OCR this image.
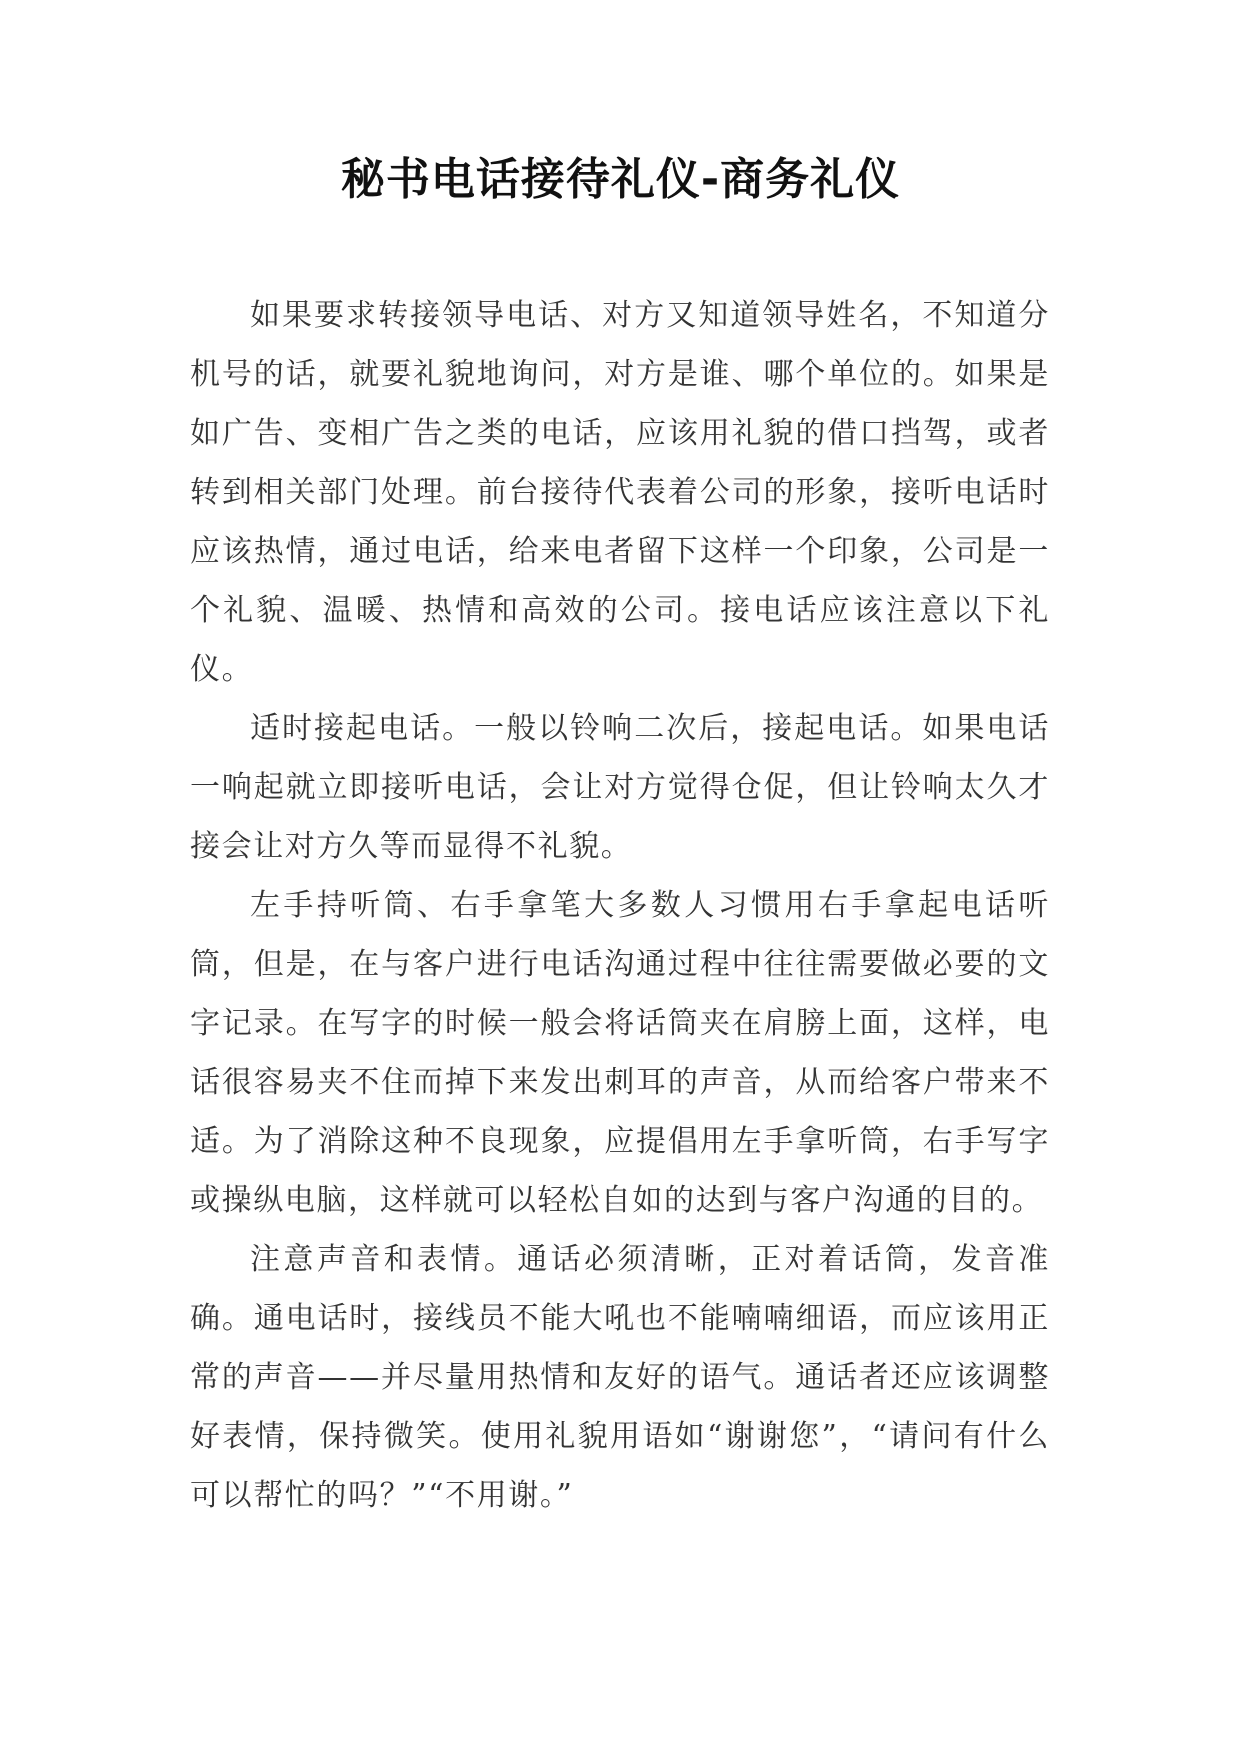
秘书电话接待礼仪-商务礼仪

如果要求转接领导电话、对方又知道领导姓名，不知道分机号的话，就要礼貌地询问，对方是谁、哪个单位的。如果是如广告、变相广告之类的电话，应该用礼貌的借口挡驾，或者转到相关部门处理。前台接待代表着公司的形象，接听电话时应该热情，通过电话，给来电者留下这样一个印象，公司是一个礼貌、温暖、热情和高效的公司。接电话应该注意以下礼仪。

适时接起电话。一般以铃响二次后，接起电话。如果电话一响起就立即接听电话，会让对方觉得仓促，但让铃响太久才接会让对方久等而显得不礼貌。

左手持听筒、右手拿笔大多数人习惯用右手拿起电话听筒，但是，在与客户进行电话沟通过程中往往需要做必要的文字记录。在写字的时候一般会将话筒夹在肩膀上面，这样，电话很容易夹不住而掉下来发出刺耳的声音，从而给客户带来不适。为了消除这种不良现象，应提倡用左手拿听筒，右手写字或操纵电脑，这样就可以轻松自如的达到与客户沟通的目的。

注意声音和表情。通话必须清晰，正对着话筒，发音准确。通电话时，接线员不能大吼也不能喃喃细语，而应该用正常的声音——并尽量用热情和友好的语气。通话者还应该调整好表情，保持微笑。使用礼貌用语如“谢谢您”，“请问有什么可以帮忙的吗？”“不用谢。”
